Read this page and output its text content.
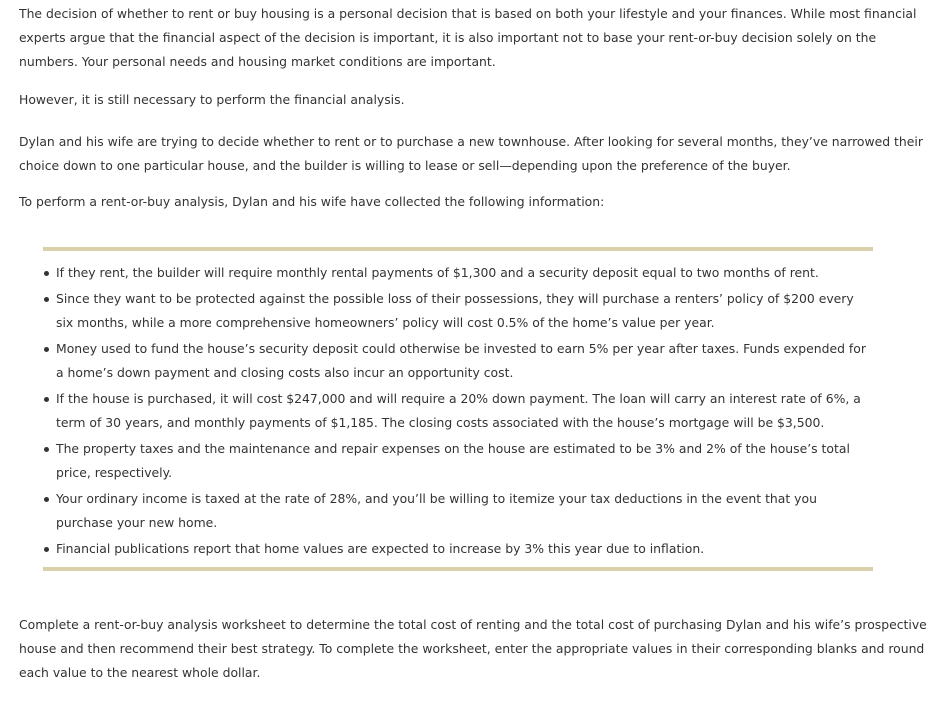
The decision of whether to rent or buy housing is a personal decision that is based on both your lifestyle and your finances. While most financial experts argue that the financial aspect of the decision is important, it is also important not to base your rent-or-buy decision solely on the numbers. Your personal needs and housing market conditions are important.

However, it is still necessary to perform the financial analysis.

Dylan and his wife are trying to decide whether to rent or to purchase a new townhouse. After looking for several months, they’ve narrowed their choice down to one particular house, and the builder is willing to lease or sell—depending upon the preference of the buyer.

To perform a rent-or-buy analysis, Dylan and his wife have collected the following information:

If they rent, the builder will require monthly rental payments of $1,300 and a security deposit equal to two months of rent.
Since they want to be protected against the possible loss of their possessions, they will purchase a renters’ policy of $200 every six months, while a more comprehensive homeowners’ policy will cost 0.5% of the home’s value per year.
Money used to fund the house’s security deposit could otherwise be invested to earn 5% per year after taxes. Funds expended for a home’s down payment and closing costs also incur an opportunity cost.
If the house is purchased, it will cost $247,000 and will require a 20% down payment. The loan will carry an interest rate of 6%, a term of 30 years, and monthly payments of $1,185. The closing costs associated with the house’s mortgage will be $3,500.
The property taxes and the maintenance and repair expenses on the house are estimated to be 3% and 2% of the house’s total price, respectively.
Your ordinary income is taxed at the rate of 28%, and you’ll be willing to itemize your tax deductions in the event that you purchase your new home.
Financial publications report that home values are expected to increase by 3% this year due to inflation.

Complete a rent-or-buy analysis worksheet to determine the total cost of renting and the total cost of purchasing Dylan and his wife’s prospective house and then recommend their best strategy. To complete the worksheet, enter the appropriate values in their corresponding blanks and round each value to the nearest whole dollar.
